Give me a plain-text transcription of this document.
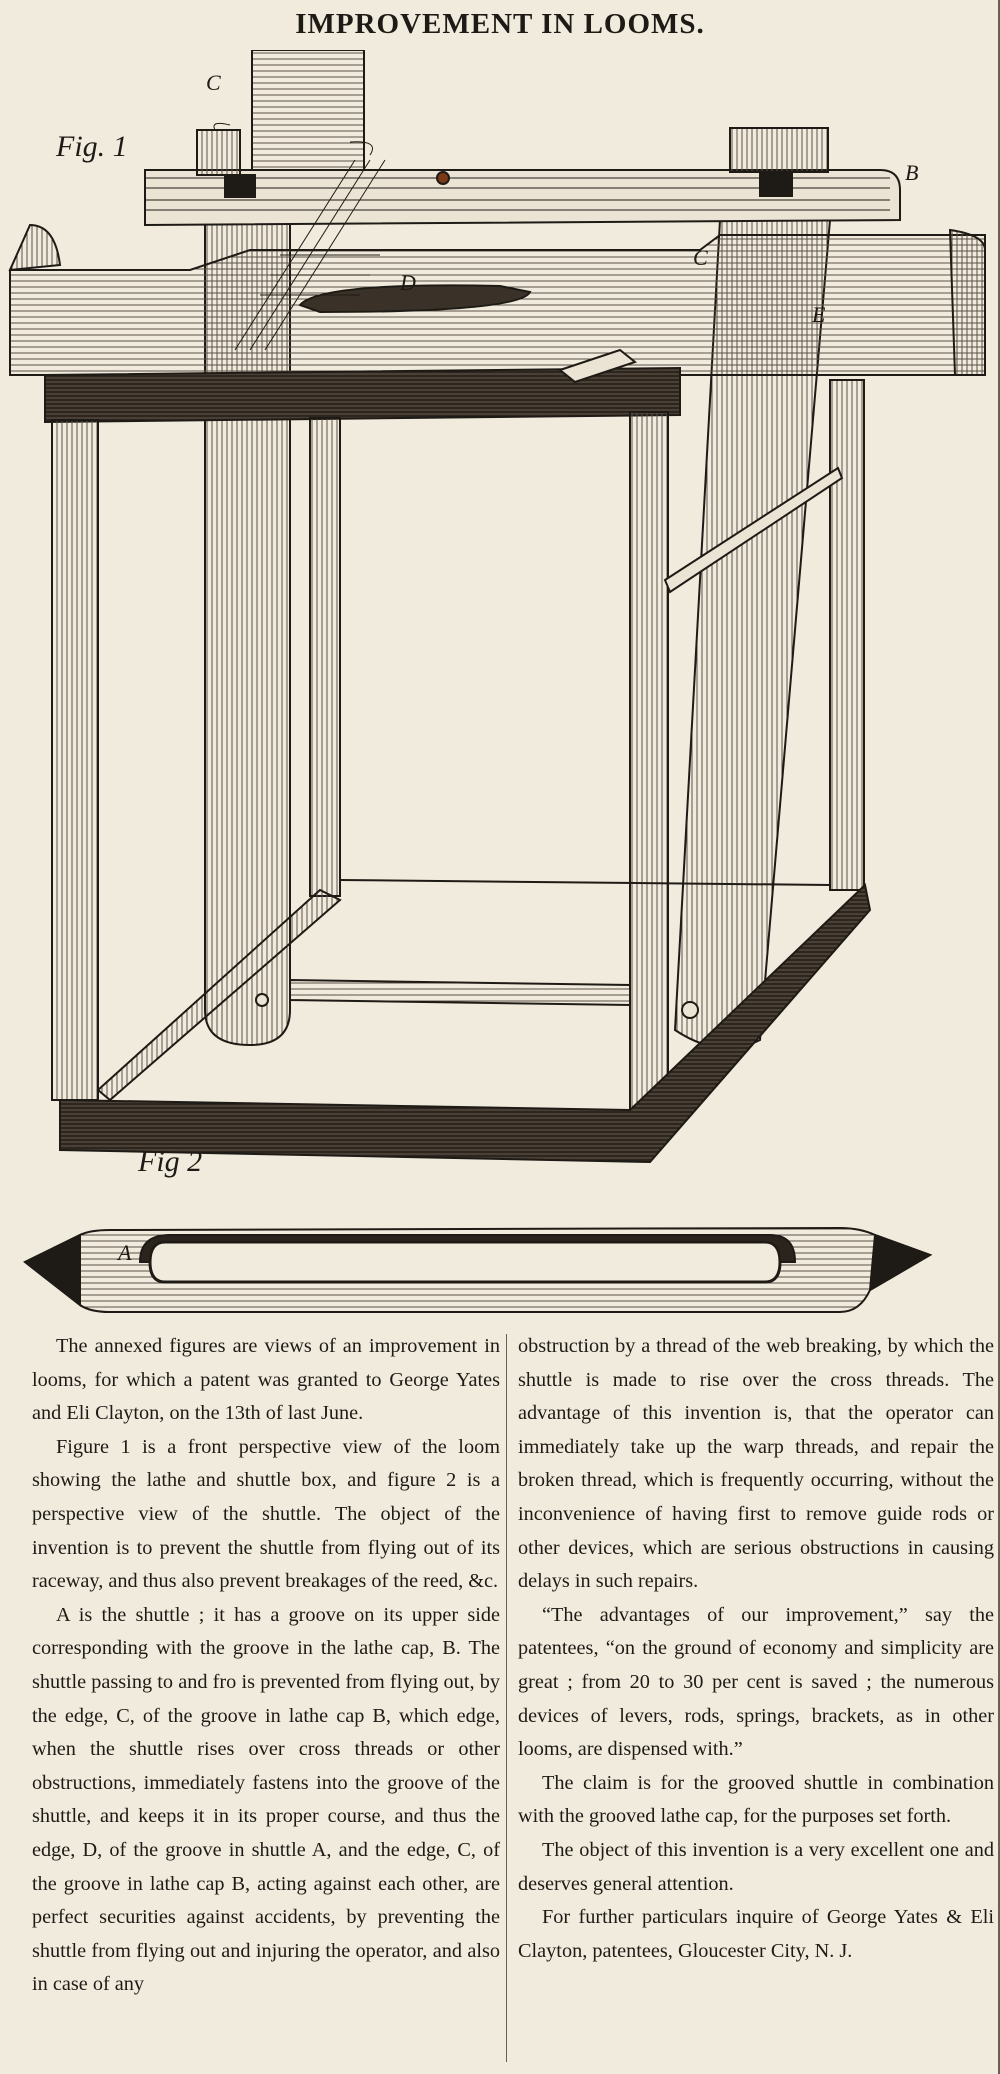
IMPROVEMENT IN LOOMS.
B
C
D
E
C
A
Fig. 1
Fig 2

The annexed figures are views of an improvement in looms, for which a patent was granted to George Yates and Eli Clayton, on the 13th of last June.

Figure 1 is a front perspective view of the loom showing the lathe and shuttle box, and figure 2 is a perspective view of the shuttle. The object of the invention is to prevent the shuttle from flying out of its raceway, and thus also prevent breakages of the reed, &c.

A is the shuttle ; it has a groove on its upper side corresponding with the groove in the lathe cap, B. The shuttle passing to and fro is prevented from flying out, by the edge, C, of the groove in lathe cap B, which edge, when the shuttle rises over cross threads or other obstructions, immediately fastens into the groove of the shuttle, and keeps it in its proper course, and thus the edge, D, of the groove in shuttle A, and the edge, C, of the groove in lathe cap B, acting against each other, are perfect securities against accidents, by preventing the shuttle from flying out and injuring the operator, and also in case of any

obstruction by a thread of the web breaking, by which the shuttle is made to rise over the cross threads. The advantage of this invention is, that the operator can immediately take up the warp threads, and repair the broken thread, which is frequently occurring, without the inconvenience of having first to remove guide rods or other devices, which are serious obstructions in causing delays in such repairs.

“The advantages of our improvement,” say the patentees, “on the ground of economy and simplicity are great ; from 20 to 30 per cent is saved ; the numerous devices of levers, rods, springs, brackets, as in other looms, are dispensed with.”

The claim is for the grooved shuttle in combination with the grooved lathe cap, for the purposes set forth.

The object of this invention is a very excellent one and deserves general attention.

For further particulars inquire of George Yates & Eli Clayton, patentees, Gloucester City, N. J.
